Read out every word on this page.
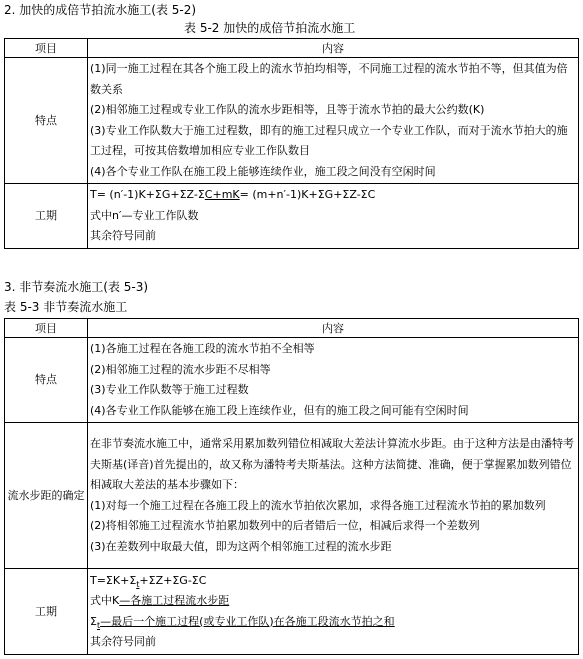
2. 加快的成倍节拍流水施工(表 5-2)
表 5-2 加快的成倍节拍流水施工
项目	内容
特点	(1)同一施工过程在其各个施工段上的流水节拍均相等，不同施工过程的流水节拍不等，但其值为倍数关系

(2)相邻施工过程或专业工作队的流水步距相等，且等于流水节拍的最大公约数(K)

(3)专业工作队数大于施工过程数，即有的施工过程只成立一个专业工作队，而对于流水节拍大的施工过程，可按其倍数增加相应专业工作队数目

(4)各个专业工作队在施工段上能够连续作业，施工段之间没有空闲时间

工期	T= (n′-1)K+ΣG+ΣZ-ΣC+mK= (m+n′-1)K+ΣG+ΣZ-ΣC

式中n′—专业工作队数

其余符号同前

3. 非节奏流水施工(表 5-3)
表 5-3 非节奏流水施工
项目	内容
特点	(1)各施工过程在各施工段的流水节拍不全相等

(2)相邻施工过程的流水步距不尽相等

(3)专业工作队数等于施工过程数

(4)各专业工作队能够在施工段上连续作业，但有的施工段之间可能有空闲时间

流水步距的确定	在非节奏流水施工中，通常采用累加数列错位相减取大差法计算流水步距。由于这种方法是由潘特考夫斯基(译音)首先提出的，故又称为潘特考夫斯基法。这种方法简捷、准确，便于掌握累加数列错位相减取大差法的基本步骤如下：

(1)对每一个施工过程在各施工段上的流水节拍依次累加，求得各施工过程流水节拍的累加数列

(2)将相邻施工过程流水节拍累加数列中的后者错后一位，相减后求得一个差数列

(3)在差数列中取最大值，即为这两个相邻施工过程的流水步距

工期	$T=\Sigma K+\Sigma_t+\Sigma Z+\Sigma G-\Sigma C$

式中K—各施工过程流水步距

$\Sigma_t—$最后一个施工过程(或专业工作队)在各施工段流水节拍之和

其余符号同前
